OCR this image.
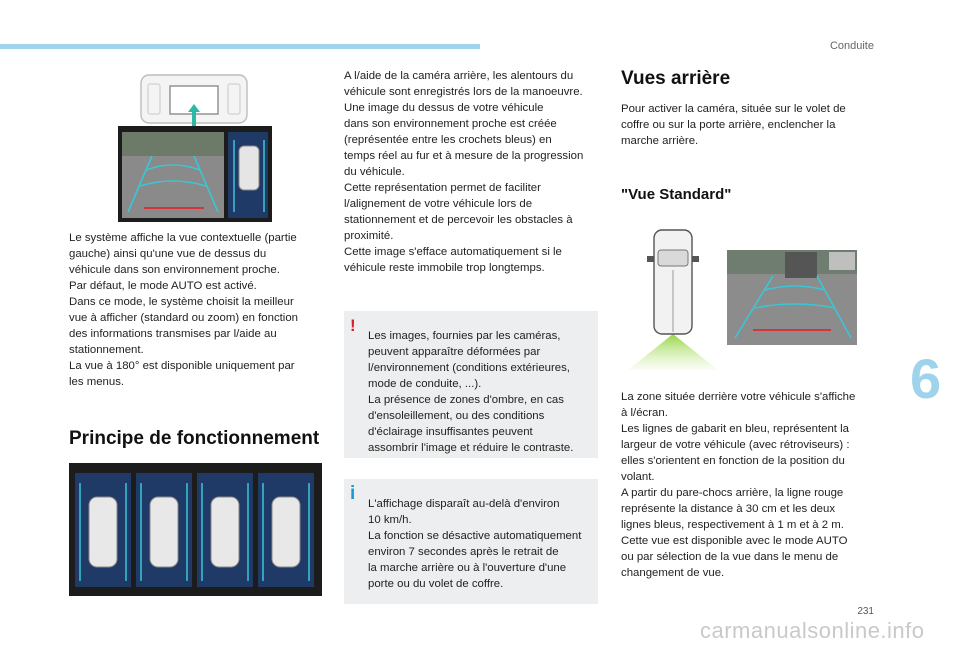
Conduite

Le système affiche la vue contextuelle (partie
gauche) ainsi qu'une vue de dessus du
véhicule dans son environnement proche.
Par défaut, le mode AUTO est activé.
Dans ce mode, le système choisit la meilleur
vue à afficher (standard ou zoom) en fonction
des informations transmises par l/aide au
stationnement.
La vue à 180° est disponible uniquement par
les menus.

Principe de fonctionnement

A l/aide de la caméra arrière, les alentours du
véhicule sont enregistrés lors de la manoeuvre.
Une image du dessus de votre véhicule
dans son environnement proche est créée
(représentée entre les crochets bleus) en
temps réel au fur et à mesure de la progression
du véhicule.
Cette représentation permet de faciliter
l/alignement de votre véhicule lors de
stationnement et de percevoir les obstacles à
proximité.
Cette image s'efface automatiquement si le
véhicule reste immobile trop longtemps.

!

Les images, fournies par les caméras,
peuvent apparaître déformées par
l/environnement (conditions extérieures,
mode de conduite, ...).
La présence de zones d'ombre, en cas
d'ensoleillement, ou des conditions
d'éclairage insuffisantes peuvent
assombrir l'image et réduire le contraste.

i

L'affichage disparaît au-delà d'environ
10 km/h.
La fonction se désactive automatiquement
environ 7 secondes après le retrait de
la marche arrière ou à l'ouverture d'une
porte ou du volet de coffre.

Vues arrière

Pour activer la caméra, située sur le volet de
coffre ou sur la porte arrière, enclencher la
marche arrière.

"Vue Standard"

La zone située derrière votre véhicule s'affiche
à l/écran.
Les lignes de gabarit en bleu, représentent la
largeur de votre véhicule (avec rétroviseurs) :
elles s'orientent en fonction de la position du
volant.
A partir du pare-chocs arrière, la ligne rouge
représente la distance à 30 cm et les deux
lignes bleus, respectivement à 1 m et à 2 m.
Cette vue est disponible avec le mode AUTO
ou par sélection de la vue dans le menu de
changement de vue.

6
231
carmanualsonline.info
